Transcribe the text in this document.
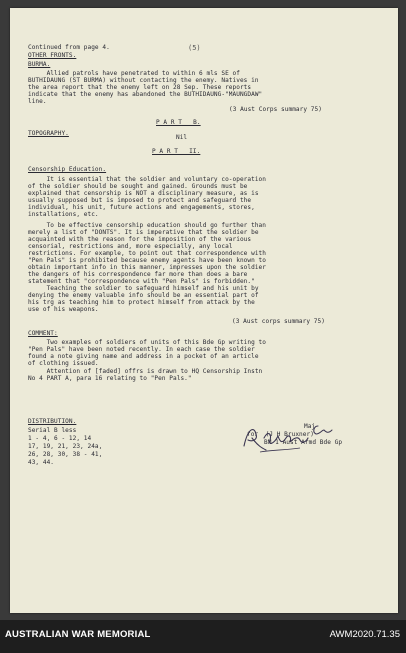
(5)
Continued from page 4.
OTHER FRONTS.
BURMA.
Allied patrols have penetrated to within 6 mls SE of
BUTHIDAUNG (ST BURMA) without contacting the enemy. Natives in
the area report that the enemy left on 28 Sep. These reports
indicate that the enemy has abandoned the BUTHIDAUNG-"MAUNGDAW"
line.
(3 Aust Corps summary 75)
TOPOGRAPHY.
P A R T   B.
Nil
P A R T   II.
Censorship Education.
It is essential that the soldier and voluntary co-operation
of the soldier should be sought and gained. Grounds must be
explained that censorship is NOT a disciplinary measure, as is
usually supposed but is imposed to protect and safeguard the
individual, his unit, future actions and engagements, stores,
installations, etc.
To be effective censorship education should go further than
merely a list of "DONTS". It is imperative that the soldier be
acquainted with the reason for the imposition of the various
censorial, restrictions and, more especially, any local
restrictions. For example, to point out that correspondence with
"Pen Pals" is prohibited because enemy agents have been known to
obtain important info in this manner, impresses upon the soldier
the dangers of his correspondence far more than does a bare
statement that "correspondence with "Pen Pals" is forbidden."
Teaching the soldier to safeguard himself and his unit by
denying the enemy valuable info should be an essential part of
his trg as teaching him to protect himself from attack by the
use of his weapons.
(3 Aust corps summary 75)
COMMENT:
Two examples of soldiers of units of this Bde Gp writing to
"Pen Pals" have been noted recently. In each case the soldier
found a note giving name and address in a pocket of an article
of clothing issued.
Attention of [faded] offrs is drawn to HQ Censorship Instn
No 4 PART A, para 16 relating to "Pen Pals."
DISTRIBUTION.
Serial B less
1 - 4, 6 - 12, 14
17, 19, 21, 23, 24a,
26, 28, 30, 38 - 41,
43, 44.
Maj
for  (J H Bruxner)
BM 1 Aust Armd Bde Gp
AUSTRALIAN WAR MEMORIAL	AWM2020.71.35
